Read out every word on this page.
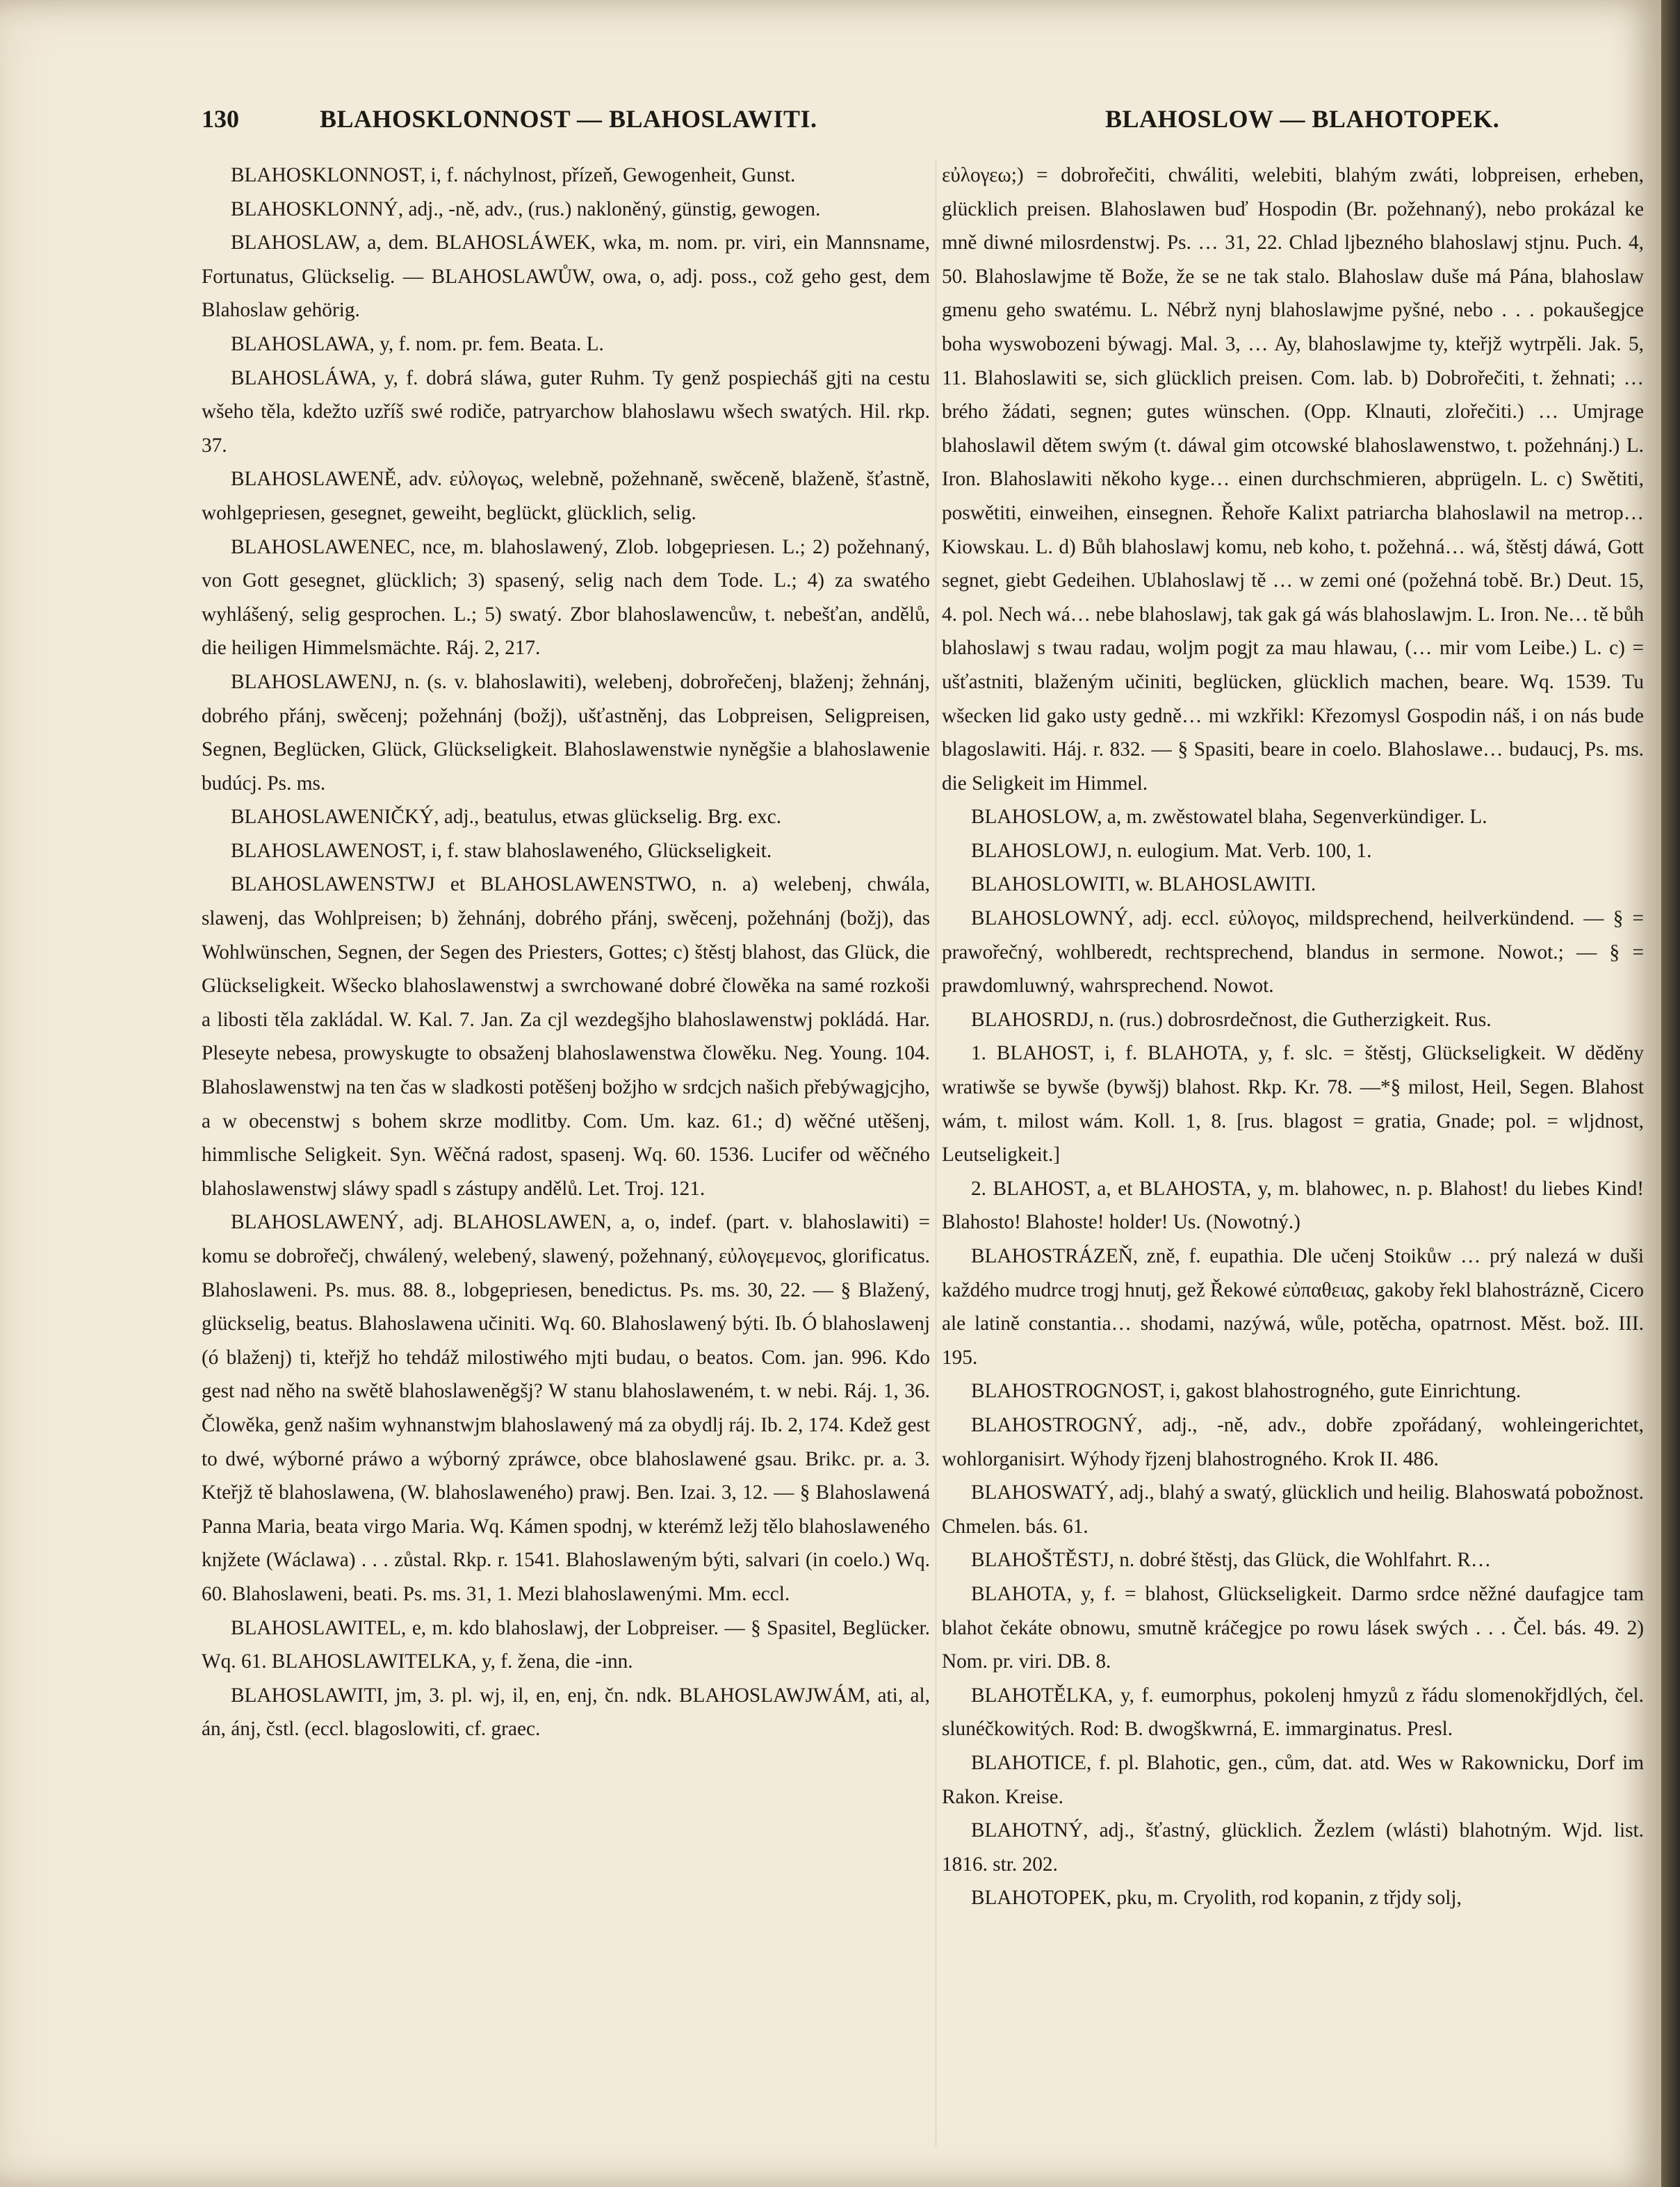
130	BLAHOSKLONNOST — BLAHOSLAWITI.	BLAHOSLOW — BLAHOTOPEK.

BLAHOSKLONNOST, i, f. náchylnost, přízeň, Gewogenheit, Gunst.

BLAHOSKLONNÝ, adj., -ně, adv., (rus.) nakloněný, günstig, gewogen.

BLAHOSLAW, a, dem. BLAHOSLÁWEK, wka, m. nom. pr. viri, ein Mannsname, Fortunatus, Glückselig. — BLAHOSLAWŮW, owa, o, adj. poss., což geho gest, dem Blahoslaw gehörig.

BLAHOSLAWA, y, f. nom. pr. fem. Beata. L.

BLAHOSLÁWA, y, f. dobrá sláwa, guter Ruhm. Ty genž pospiecháš gjti na cestu wšeho těla, kdežto uzříš swé rodiče, patryarchow blahoslawu wšech swatých. Hil. rkp. 37.

BLAHOSLAWENĚ, adv. εὐλογως, welebně, požehnaně, swěceně, blaženě, šťastně, wohlgepriesen, gesegnet, geweiht, beglückt, glücklich, selig.

BLAHOSLAWENEC, nce, m. blahoslawený, Zlob. lobgepriesen. L.; 2) požehnaný, von Gott gesegnet, glücklich; 3) spasený, selig nach dem Tode. L.; 4) za swatého wyhlášený, selig gesprochen. L.; 5) swatý. Zbor blahoslawencůw, t. nebešťan, andělů, die heiligen Himmelsmächte. Ráj. 2, 217.

BLAHOSLAWENJ, n. (s. v. blahoslawiti), welebenj, dobrořečenj, blaženj; žehnánj, dobrého přánj, swěcenj; požehnánj (božj), ušťastněnj, das Lobpreisen, Seligpreisen, Segnen, Beglücken, Glück, Glückseligkeit. Blahoslawenstwie nyněgšie a blahoslawenie budúcj. Ps. ms.

BLAHOSLAWENIČKÝ, adj., beatulus, etwas glückselig. Brg. exc.

BLAHOSLAWENOST, i, f. staw blahoslaweného, Glückseligkeit.

BLAHOSLAWENSTWJ et BLAHOSLAWENSTWO, n. a) welebenj, chwála, slawenj, das Wohlpreisen; b) žehnánj, dobrého přánj, swěcenj, požehnánj (božj), das Wohlwünschen, Segnen, der Segen des Priesters, Gottes; c) štěstj blahost, das Glück, die Glückseligkeit. Wšecko blahoslawenstwj a swrchowané dobré člowěka na samé rozkoši a libosti těla zakládal. W. Kal. 7. Jan. Za cjl wezdegšjho blahoslawenstwj pokládá. Har. Pleseyte nebesa, prowyskugte to obsaženj blahoslawenstwa člowěku. Neg. Young. 104. Blahoslawenstwj na ten čas w sladkosti potěšenj božjho w srdcjch našich přebýwagjcjho, a w obecenstwj s bohem skrze modlitby. Com. Um. kaz. 61.; d) wěčné utěšenj, himmlische Seligkeit. Syn. Wěčná radost, spasenj. Wq. 60. 1536. Lucifer od wěčného blahoslawenstwj sláwy spadl s zástupy andělů. Let. Troj. 121.

BLAHOSLAWENÝ, adj. BLAHOSLAWEN, a, o, indef. (part. v. blahoslawiti) = komu se dobrořečj, chwálený, welebený, slawený, požehnaný, εὐλογεμενος, glorificatus. Blahoslaweni. Ps. mus. 88. 8., lobgepriesen, benedictus. Ps. ms. 30, 22. — § Blažený, glückselig, beatus. Blahoslawena učiniti. Wq. 60. Blahoslawený býti. Ib. Ó blahoslawenj (ó blaženj) ti, kteřjž ho tehdáž milostiwého mjti budau, o beatos. Com. jan. 996. Kdo gest nad něho na swětě blahoslaweněgšj? W stanu blahoslaweném, t. w nebi. Ráj. 1, 36. Člowěka, genž našim wyhnanstwjm blahoslawený má za obydlj ráj. Ib. 2, 174. Kdež gest to dwé, wýborné práwo a wýborný zpráwce, obce blahoslawené gsau. Brikc. pr. a. 3. Kteřjž tě blahoslawena, (W. blahoslaweného) prawj. Ben. Izai. 3, 12. — § Blahoslawená Panna Maria, beata virgo Maria. Wq. Kámen spodnj, w kterémž ležj tělo blahoslaweného knjžete (Wáclawa) . . . zůstal. Rkp. r. 1541. Blahoslaweným býti, salvari (in coelo.) Wq. 60. Blahoslaweni, beati. Ps. ms. 31, 1. Mezi blahoslawenými. Mm. eccl.

BLAHOSLAWITEL, e, m. kdo blahoslawj, der Lobpreiser. — § Spasitel, Beglücker. Wq. 61. BLAHOSLAWITELKA, y, f. žena, die -inn.

BLAHOSLAWITI, jm, 3. pl. wj, il, en, enj, čn. ndk. BLAHOSLAWJWÁM, ati, al, án, ánj, čstl. (eccl. blagoslowiti, cf. graec.

εὐλογεω;) = dobrořečiti, chwáliti, welebiti, blahým zwáti, lobpreisen, erheben, glücklich preisen. Blahoslawen buď Hospodin (Br. požehnaný), nebo prokázal ke mně diwné milosrdenstwj. Ps. … 31, 22. Chlad ljbezného blahoslawj stjnu. Puch. 4, 50. Blahoslawjme tě Bože, že se ne tak stalo. Blahoslaw duše má Pána, blahoslaw gmenu geho swatému. L. Nébrž nynj blahoslawjme pyšné, nebo . . . pokaušegjce boha wyswobozeni býwagj. Mal. 3, … Ay, blahoslawjme ty, kteřjž wytrpěli. Jak. 5, 11. Blahoslawiti se, sich glücklich preisen. Com. lab. b) Dobrořečiti, t. žehnati; … brého žádati, segnen; gutes wünschen. (Opp. Klnauti, zlořečiti.) … Umjrage blahoslawil dětem swým (t. dáwal gim otcowské blahoslawenstwo, t. požehnánj.) L. Iron. Blahoslawiti někoho kyge… einen durchschmieren, abprügeln. L. c) Swětiti, poswětiti, einweihen, einsegnen. Řehoře Kalixt patriarcha blahoslawil na metrop… Kiowskau. L. d) Bůh blahoslawj komu, neb koho, t. požehná… wá, štěstj dáwá, Gott segnet, giebt Gedeihen. Ublahoslawj tě … w zemi oné (požehná tobě. Br.) Deut. 15, 4. pol. Nech wá… nebe blahoslawj, tak gak gá wás blahoslawjm. L. Iron. Ne… tě bůh blahoslawj s twau radau, woljm pogjt za mau hlawau, (… mir vom Leibe.) L. c) = ušťastniti, blaženým učiniti, beglücken, glücklich machen, beare. Wq. 1539. Tu wšecken lid gako usty gedně… mi wzkřikl: Křezomysl Gospodin náš, i on nás bude blagoslawiti. Háj. r. 832. — § Spasiti, beare in coelo. Blahoslawe… budaucj, Ps. ms. die Seligkeit im Himmel.

BLAHOSLOW, a, m. zwěstowatel blaha, Segenverkündiger. L.

BLAHOSLOWJ, n. eulogium. Mat. Verb. 100, 1.

BLAHOSLOWITI, w. BLAHOSLAWITI.

BLAHOSLOWNÝ, adj. eccl. εὐλογος, mildsprechend, heilverkündend. — § = prawořečný, wohlberedt, rechtsprechend, blandus in sermone. Nowot.; — § = prawdomluwný, wahrsprechend. Nowot.

BLAHOSRDJ, n. (rus.) dobrosrdečnost, die Gutherzigkeit. Rus.

1. BLAHOST, i, f. BLAHOTA, y, f. slc. = štěstj, Glückseligkeit. W děděny wratiwše se bywše (bywšj) blahost. Rkp. Kr. 78. —*§ milost, Heil, Segen. Blahost wám, t. milost wám. Koll. 1, 8. [rus. blagost = gratia, Gnade; pol. = wljdnost, Leutseligkeit.]

2. BLAHOST, a, et BLAHOSTA, y, m. blahowec, n. p. Blahost! du liebes Kind! Blahosto! Blahoste! holder! Us. (Nowotný.)

BLAHOSTRÁZEŇ, zně, f. eupathia. Dle učenj Stoikůw … prý nalezá w duši každého mudrce trogj hnutj, gež Řekowé εὐπαθειας, gakoby řekl blahostrázně, Cicero ale latině constantia… shodami, nazýwá, wůle, potěcha, opatrnost. Měst. bož. III. 195.

BLAHOSTROGNOST, i, gakost blahostrogného, gute Einrichtung.

BLAHOSTROGNÝ, adj., -ně, adv., dobře zpořádaný, wohleingerichtet, wohlorganisirt. Wýhody řjzenj blahostrogného. Krok II. 486.

BLAHOSWATÝ, adj., blahý a swatý, glücklich und heilig. Blahoswatá pobožnost. Chmelen. bás. 61.

BLAHOŠTĚSTJ, n. dobré štěstj, das Glück, die Wohlfahrt. R…

BLAHOTA, y, f. = blahost, Glückseligkeit. Darmo srdce něžné daufagjce tam blahot čekáte obnowu, smutně kráčegjce po rowu lásek swých . . . Čel. bás. 49. 2) Nom. pr. viri. DB. 8.

BLAHOTĚLKA, y, f. eumorphus, pokolenj hmyzů z řádu slomenokřjdlých, čel. slunéčkowitých. Rod: B. dwogškwrná, E. immarginatus. Presl.

BLAHOTICE, f. pl. Blahotic, gen., cům, dat. atd. Wes w Rakownicku, Dorf im Rakon. Kreise.

BLAHOTNÝ, adj., šťastný, glücklich. Žezlem (wlásti) blahotným. Wjd. list. 1816. str. 202.

BLAHOTOPEK, pku, m. Cryolith, rod kopanin, z třjdy solj,
